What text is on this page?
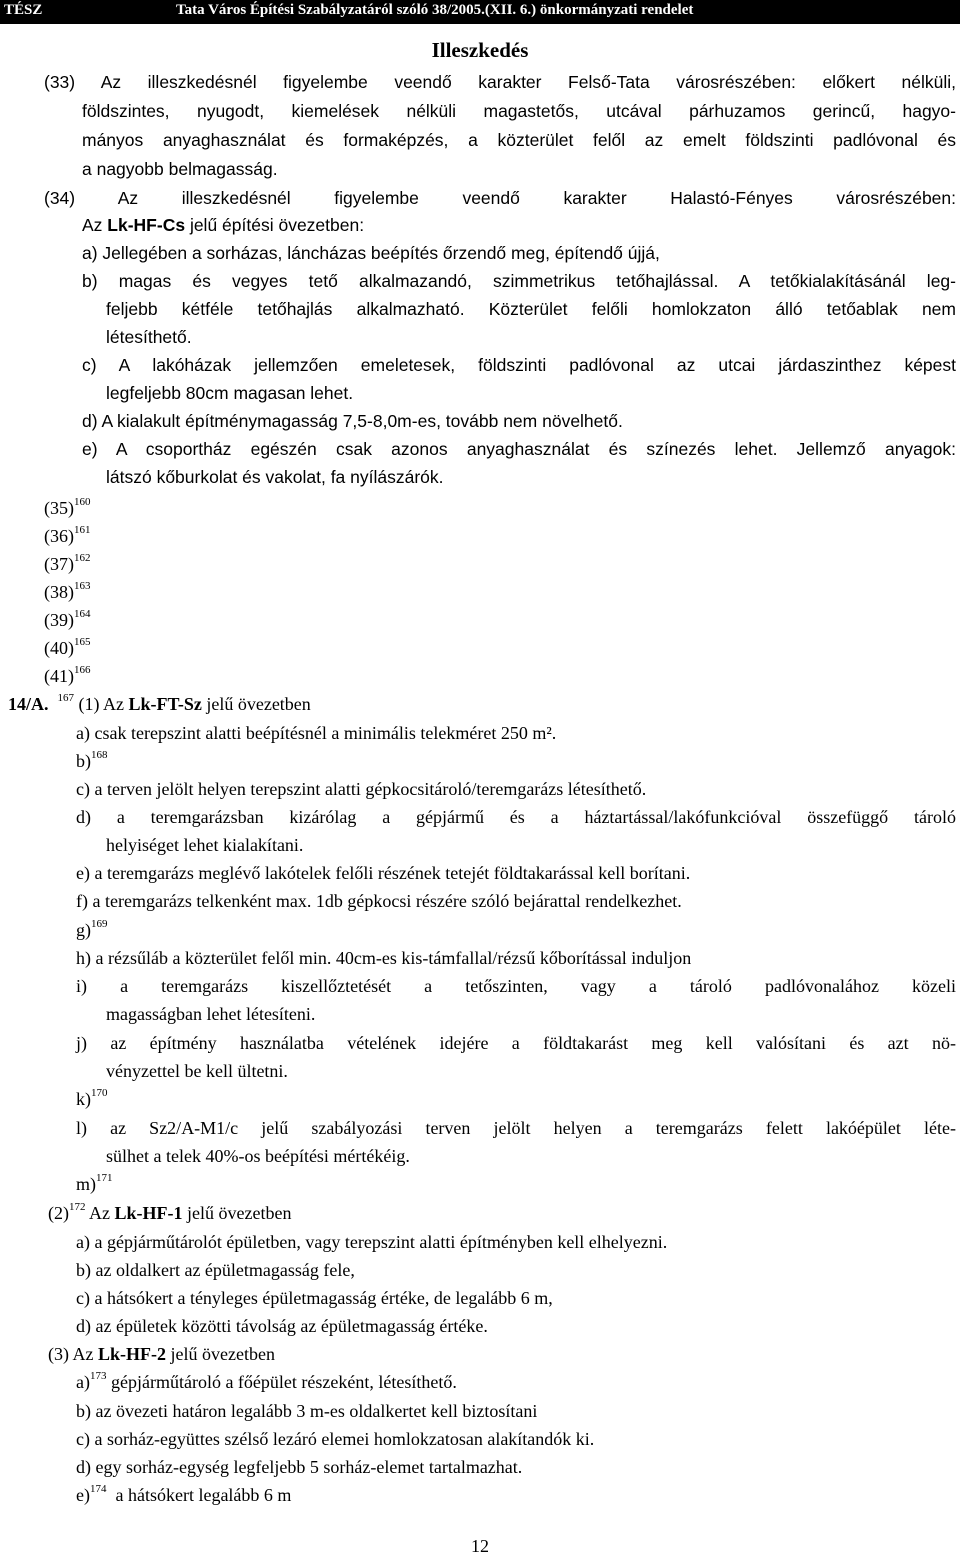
TÉSZ	Tata Város Építési Szabályzatáról szóló 38/2005.(XII. 6.) önkormányzati rendelet
Illeszkedés
(33) Az illeszkedésnél figyelembe veendő karakter Felső-Tata városrészében: előkert nélküli,
földszintes, nyugodt, kiemelések nélküli magastetős, utcával párhuzamos gerincű, hagyo-
mányos anyaghasználat és formaképzés, a közterület felől az emelt földszinti padlóvonal és
a nagyobb belmagasság.
(34) Az illeszkedésnél figyelembe veendő karakter Halastó-Fényes városrészében:
Az Lk-HF-Cs jelű építési övezetben:
a) Jellegében a sorházas, láncházas beépítés őrzendő meg, építendő újjá,
b) magas és vegyes tető alkalmazandó, szimmetrikus tetőhajlással. A tetőkialakításánál leg-
feljebb kétféle tetőhajlás alkalmazható. Közterület felőli homlokzaton álló tetőablak nem
létesíthető.
c) A lakóházak jellemzően emeletesek, földszinti padlóvonal az utcai járdaszinthez képest
legfeljebb 80cm magasan lehet.
d) A kialakult építménymagasság 7,5-8,0m-es, tovább nem növelhető.
e) A csoportház egészén csak azonos anyaghasználat és színezés lehet. Jellemző anyagok:
látszó kőburkolat és vakolat, fa nyílászárók.
$(35)^{160}$
$(36)^{161}$
$(37)^{162}$
$(38)^{163}$
$(39)^{164}$
$(40)^{165}$
$(41)^{166}$
14/A. $^{167}$ (1) Az Lk-FT-Sz jelű övezetben
a) csak terepszint alatti beépítésnél a minimális telekméret 250 m².
b)$^{168}$
c) a terven jelölt helyen terepszint alatti gépkocsitároló/teremgarázs létesíthető.
d) a teremgarázsban kizárólag a gépjármű és a háztartással/lakófunkcióval összefüggő tároló
helyiséget lehet kialakítani.
e) a teremgarázs meglévő lakótelek felőli részének tetejét földtakarással kell borítani.
f) a teremgarázs telkenként max. 1db gépkocsi részére szóló bejárattal rendelkezhet.
g)$^{169}$
h) a rézsűláb a közterület felől min. 40cm-es kis-támfallal/rézsű kőborítással induljon
i) a teremgarázs kiszellőztetését a tetőszinten, vagy a tároló padlóvonalához közeli
magasságban lehet létesíteni.
j) az építmény használatba vételének idejére a földtakarást meg kell valósítani és azt nö-
vényzettel be kell ültetni.
k)$^{170}$
l) az Sz2/A-M1/c jelű szabályozási terven jelölt helyen a teremgarázs felett lakóépület léte-
sülhet a telek 40%-os beépítési mértékéig.
m)$^{171}$
$(2)^{172}$ Az Lk-HF-1 jelű övezetben
a) a gépjárműtárolót épületben, vagy terepszint alatti építményben kell elhelyezni.
b) az oldalkert az épületmagasság fele,
c) a hátsókert a tényleges épületmagasság értéke, de legalább 6 m,
d) az épületek közötti távolság az épületmagasság értéke.
(3) Az Lk-HF-2 jelű övezetben
a)$^{173}$ gépjárműtároló a főépület részeként, létesíthető.
b) az övezeti határon legalább 3 m-es oldalkertet kell biztosítani
c) a sorház-együttes szélső lezáró elemei homlokzatosan alakítandók ki.
d) egy sorház-egység legfeljebb 5 sorház-elemet tartalmazhat.
e)$^{174}$  a hátsókert legalább 6 m
12
